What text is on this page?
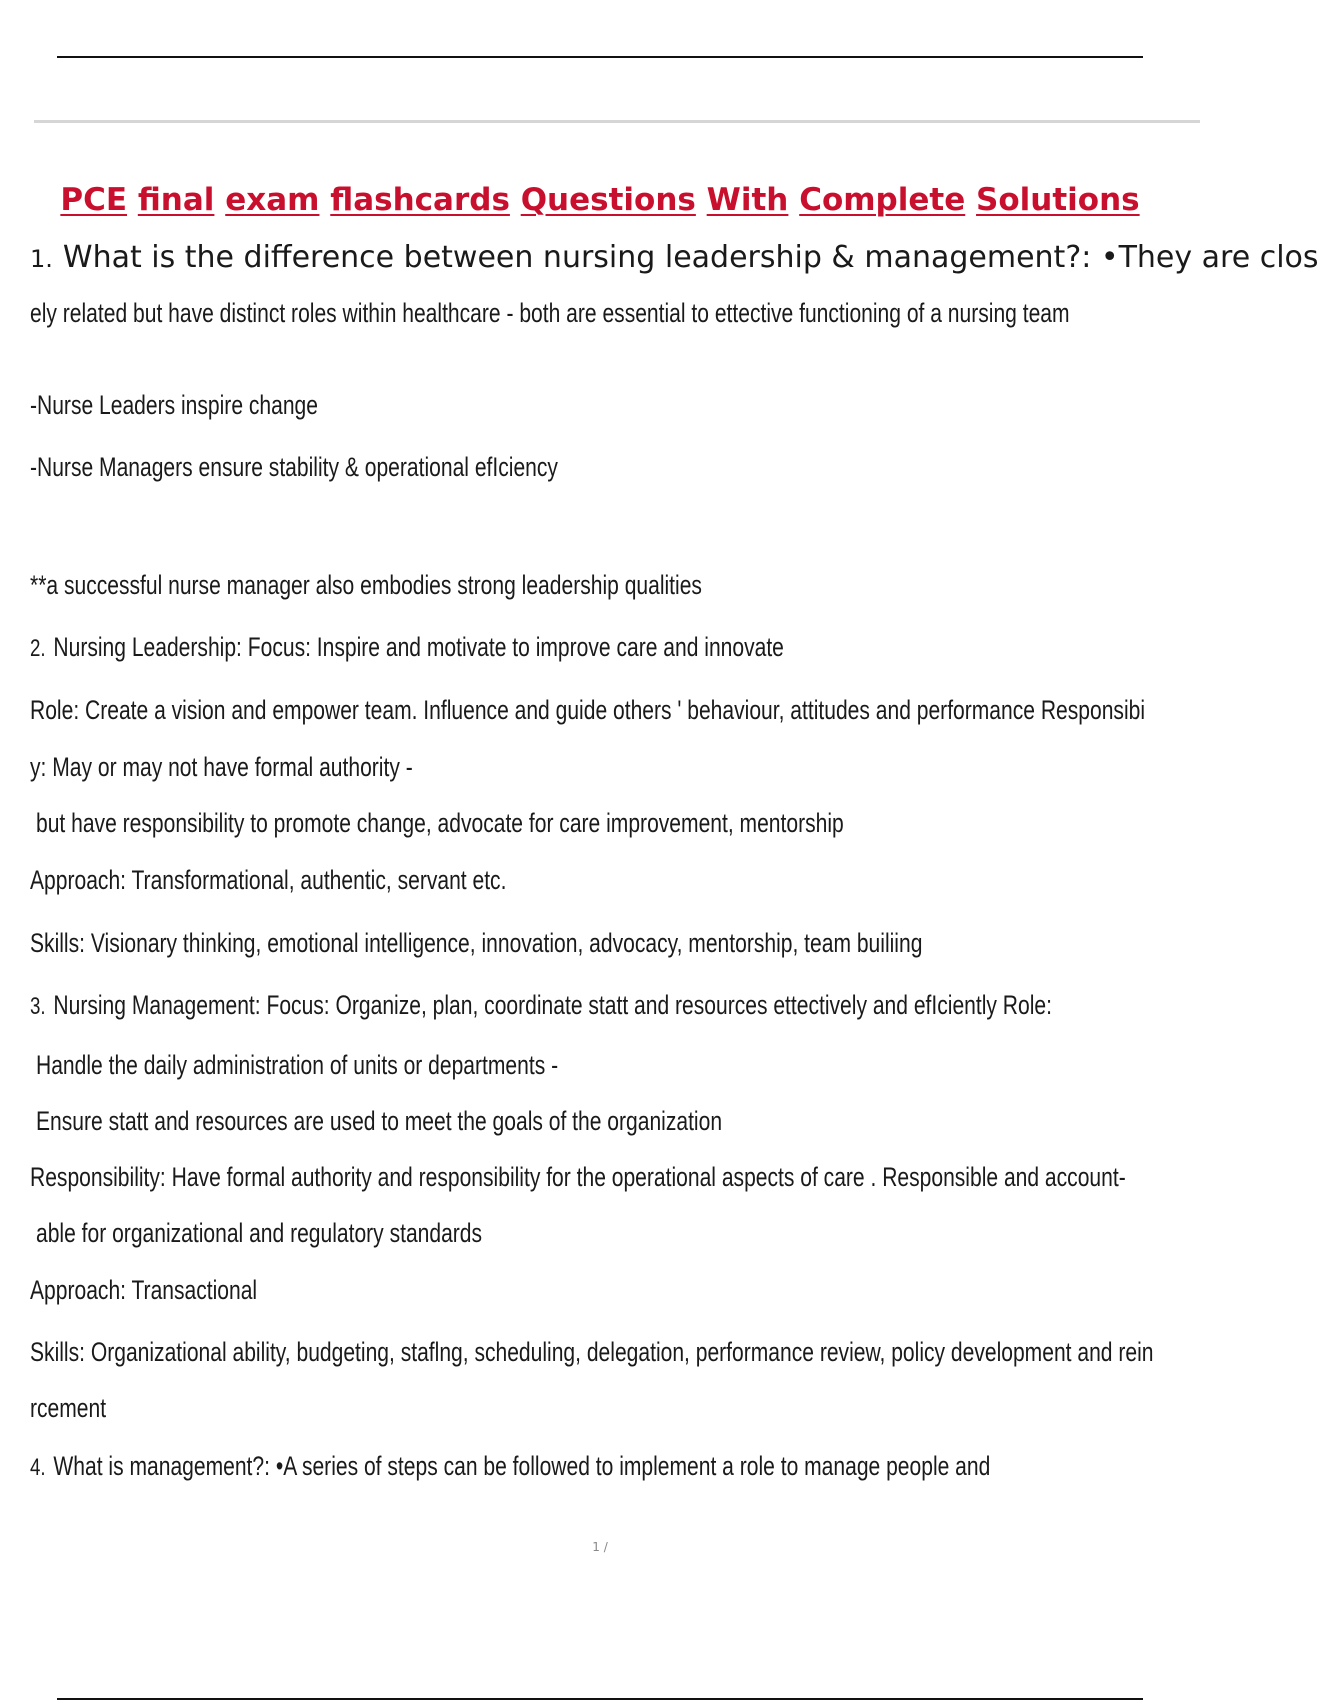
PCE final exam flashcards Questions With Complete Solutions

1. What is the difference between nursing leadership & management?: •They are clos

ely related but have distinct roles within healthcare - both are essential to ettective functioning of a nursing team

-Nurse Leaders inspire change

-Nurse Managers ensure stability & operational efIciency

**a successful nurse manager also embodies strong leadership qualities

2. Nursing Leadership: Focus: Inspire and motivate to improve care and innovate

Role: Create a vision and empower team. Influence and guide others ' behaviour, attitudes and performance Responsibi

y: May or may not have formal authority -

but have responsibility to promote change, advocate for care improvement, mentorship

Approach: Transformational, authentic, servant etc.

Skills: Visionary thinking, emotional intelligence, innovation, advocacy, mentorship, team builiing

3. Nursing Management: Focus: Organize, plan, coordinate statt and resources ettectively and efIciently Role:

Handle the daily administration of units or departments -

Ensure statt and resources are used to meet the goals of the organization

Responsibility: Have formal authority and responsibility for the operational aspects of care . Responsible and account-

able for organizational and regulatory standards

Approach: Transactional

Skills: Organizational ability, budgeting, staflng, scheduling, delegation, performance review, policy development and rein

rcement

4. What is management?: •A series of steps can be followed to implement a role to manage people and

1 /
